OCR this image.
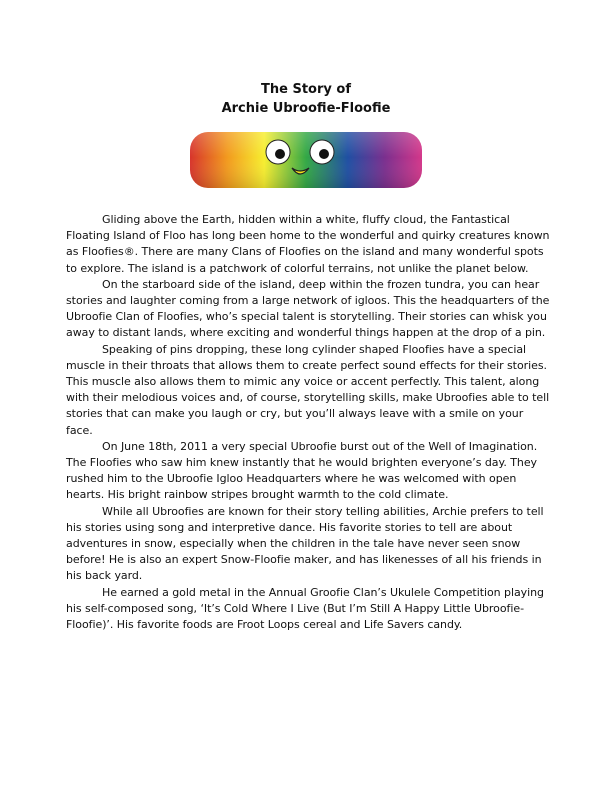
The Story of
Archie Ubroofie-Floofie

Gliding above the Earth, hidden within a white, fluffy cloud, the Fantastical Floating Island of Floo has long been home to the wonderful and quirky creatures known as Floofies®. There are many Clans of Floofies on the island and many wonderful spots to explore. The island is a patchwork of colorful terrains, not unlike the planet below.

On the starboard side of the island, deep within the frozen tundra, you can hear stories and laughter coming from a large network of igloos. This the headquarters of the Ubroofie Clan of Floofies, who’s special talent is storytelling. Their stories can whisk you away to distant lands, where exciting and wonderful things happen at the drop of a pin.

Speaking of pins dropping, these long cylinder shaped Floofies have a special muscle in their throats that allows them to create perfect sound effects for their stories. This muscle also allows them to mimic any voice or accent perfectly. This talent, along with their melodious voices and, of course, storytelling skills, make Ubroofies able to tell stories that can make you laugh or cry, but you’ll always leave with a smile on your face.

On June 18th, 2011 a very special Ubroofie burst out of the Well of Imagination. The Floofies who saw him knew instantly that he would brighten everyone’s day. They rushed him to the Ubroofie Igloo Headquarters where he was welcomed with open hearts. His bright rainbow stripes brought warmth to the cold climate.

While all Ubroofies are known for their story telling abilities, Archie prefers to tell his stories using song and interpretive dance. His favorite stories to tell are about adventures in snow, especially when the children in the tale have never seen snow before! He is also an expert Snow-Floofie maker, and has likenesses of all his friends in his back yard.

He earned a gold metal in the Annual Groofie Clan’s Ukulele Competition playing his self-composed song, ‘It’s Cold Where I Live (But I’m Still A Happy Little Ubroofie-Floofie)’. His favorite foods are Froot Loops cereal and Life Savers candy.
